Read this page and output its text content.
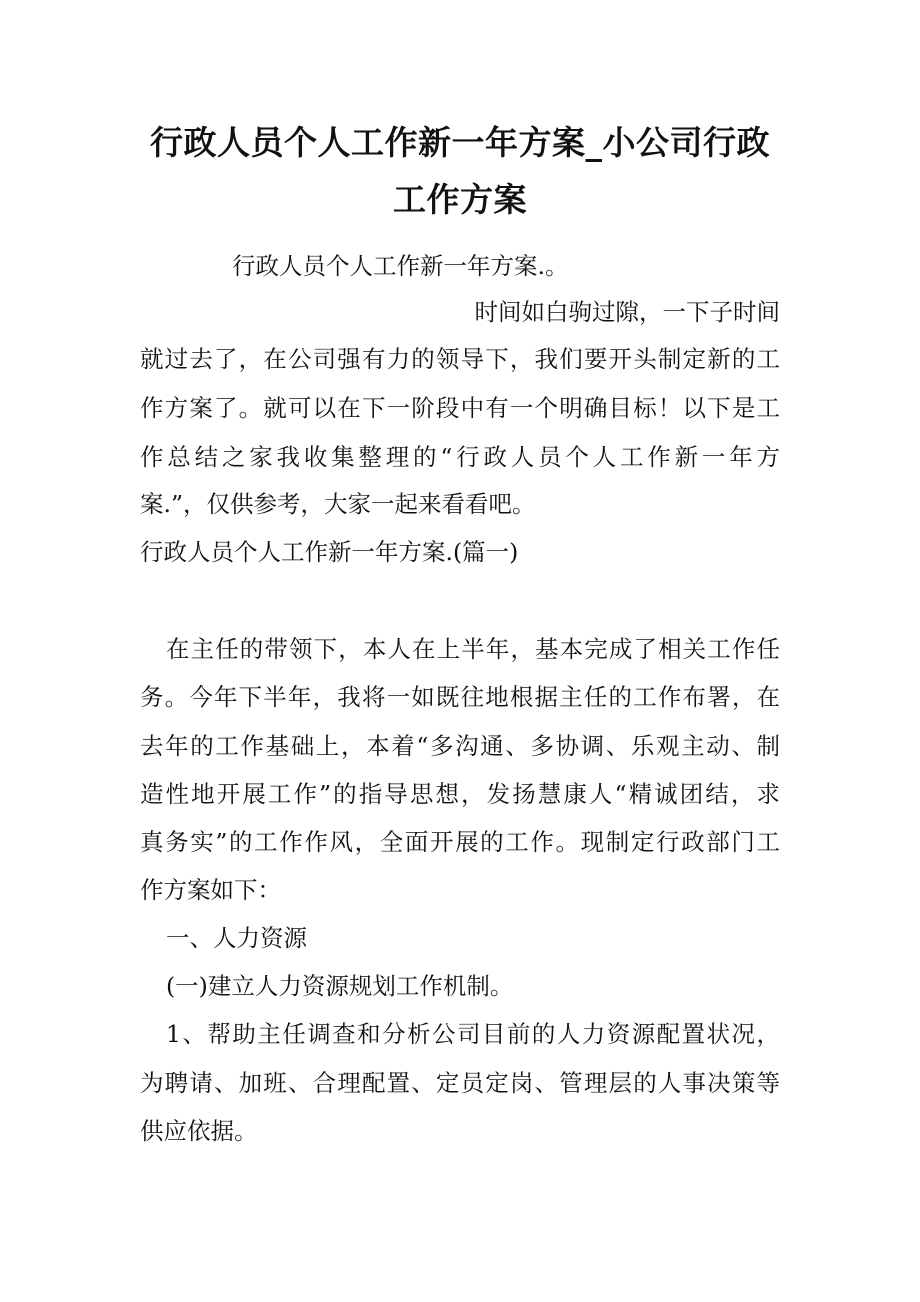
行政人员个人工作新一年方案_小公司行政
工作方案
行政人员个人工作新一年方案.。
时间如白驹过隙，一下子时间
就过去了，在公司强有力的领导下，我们要开头制定新的工
作方案了。就可以在下一阶段中有一个明确目标！以下是工
作总结之家我收集整理的“行政人员个人工作新一年方
案.”，仅供参考，大家一起来看看吧。
行政人员个人工作新一年方案.(篇一)
在主任的带领下，本人在上半年，基本完成了相关工作任
务。今年下半年，我将一如既往地根据主任的工作布署，在
去年的工作基础上，本着“多沟通、多协调、乐观主动、制
造性地开展工作”的指导思想，发扬慧康人“精诚团结，求
真务实”的工作作风，全面开展的工作。现制定行政部门工
作方案如下：
一、人力资源
(一)建立人力资源规划工作机制。
1、帮助主任调查和分析公司目前的人力资源配置状况，
为聘请、加班、合理配置、定员定岗、管理层的人事决策等
供应依据。
